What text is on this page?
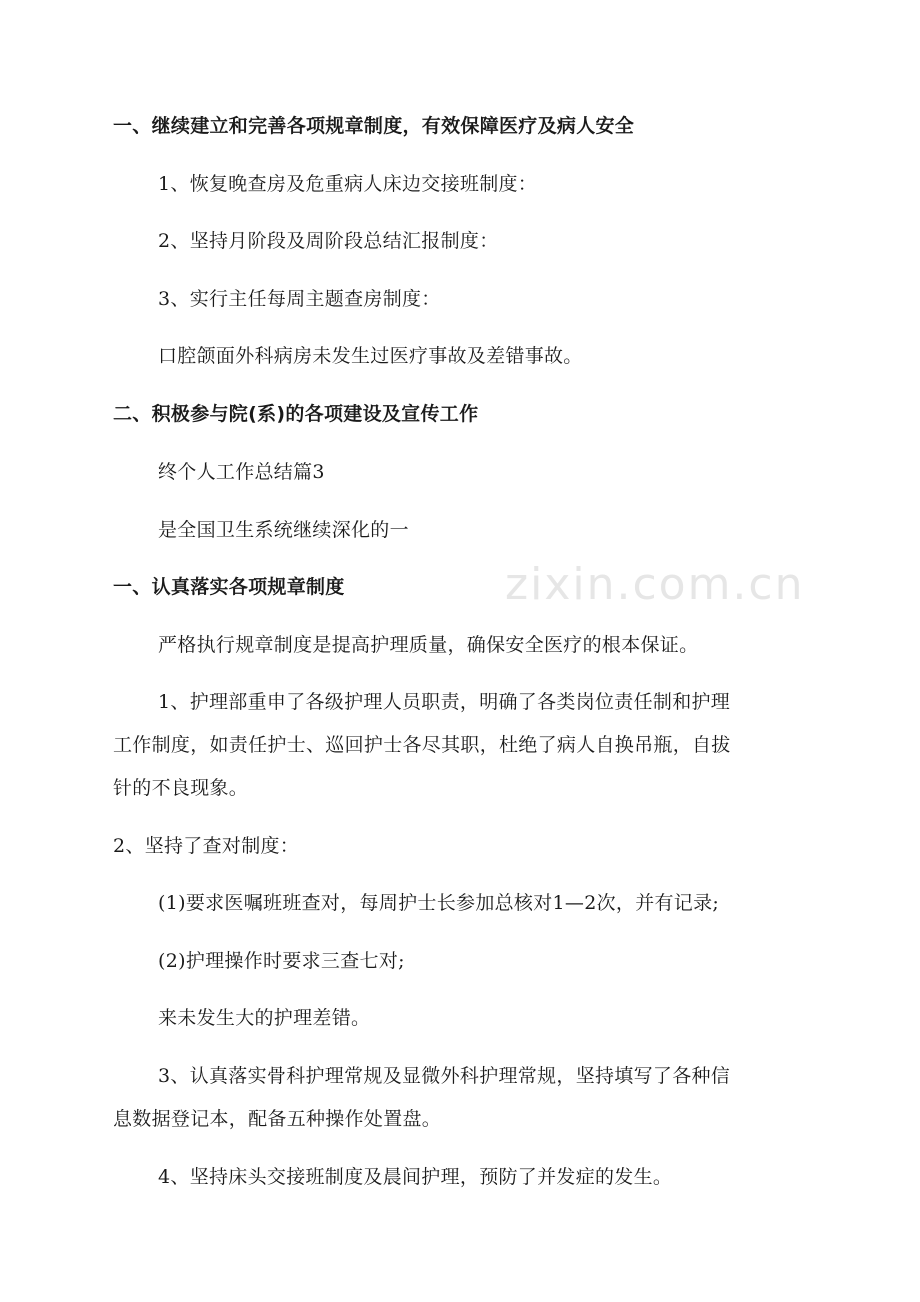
zixin.com.cn
一、继续建立和完善各项规章制度，有效保障医疗及病人安全
1、恢复晚查房及危重病人床边交接班制度：
2、坚持月阶段及周阶段总结汇报制度：
3、实行主任每周主题查房制度：
口腔颌面外科病房未发生过医疗事故及差错事故。
二、积极参与院(系)的各项建设及宣传工作
终个人工作总结篇3
是全国卫生系统继续深化的一
一、认真落实各项规章制度
严格执行规章制度是提高护理质量，确保安全医疗的根本保证。
1、护理部重申了各级护理人员职责，明确了各类岗位责任制和护理
工作制度，如责任护士、巡回护士各尽其职，杜绝了病人自换吊瓶，自拔
针的不良现象。
2、坚持了查对制度：
(1)要求医嘱班班查对，每周护士长参加总核对1—2次，并有记录;
(2)护理操作时要求三查七对;
来未发生大的护理差错。
3、认真落实骨科护理常规及显微外科护理常规，坚持填写了各种信
息数据登记本，配备五种操作处置盘。
4、坚持床头交接班制度及晨间护理，预防了并发症的发生。
